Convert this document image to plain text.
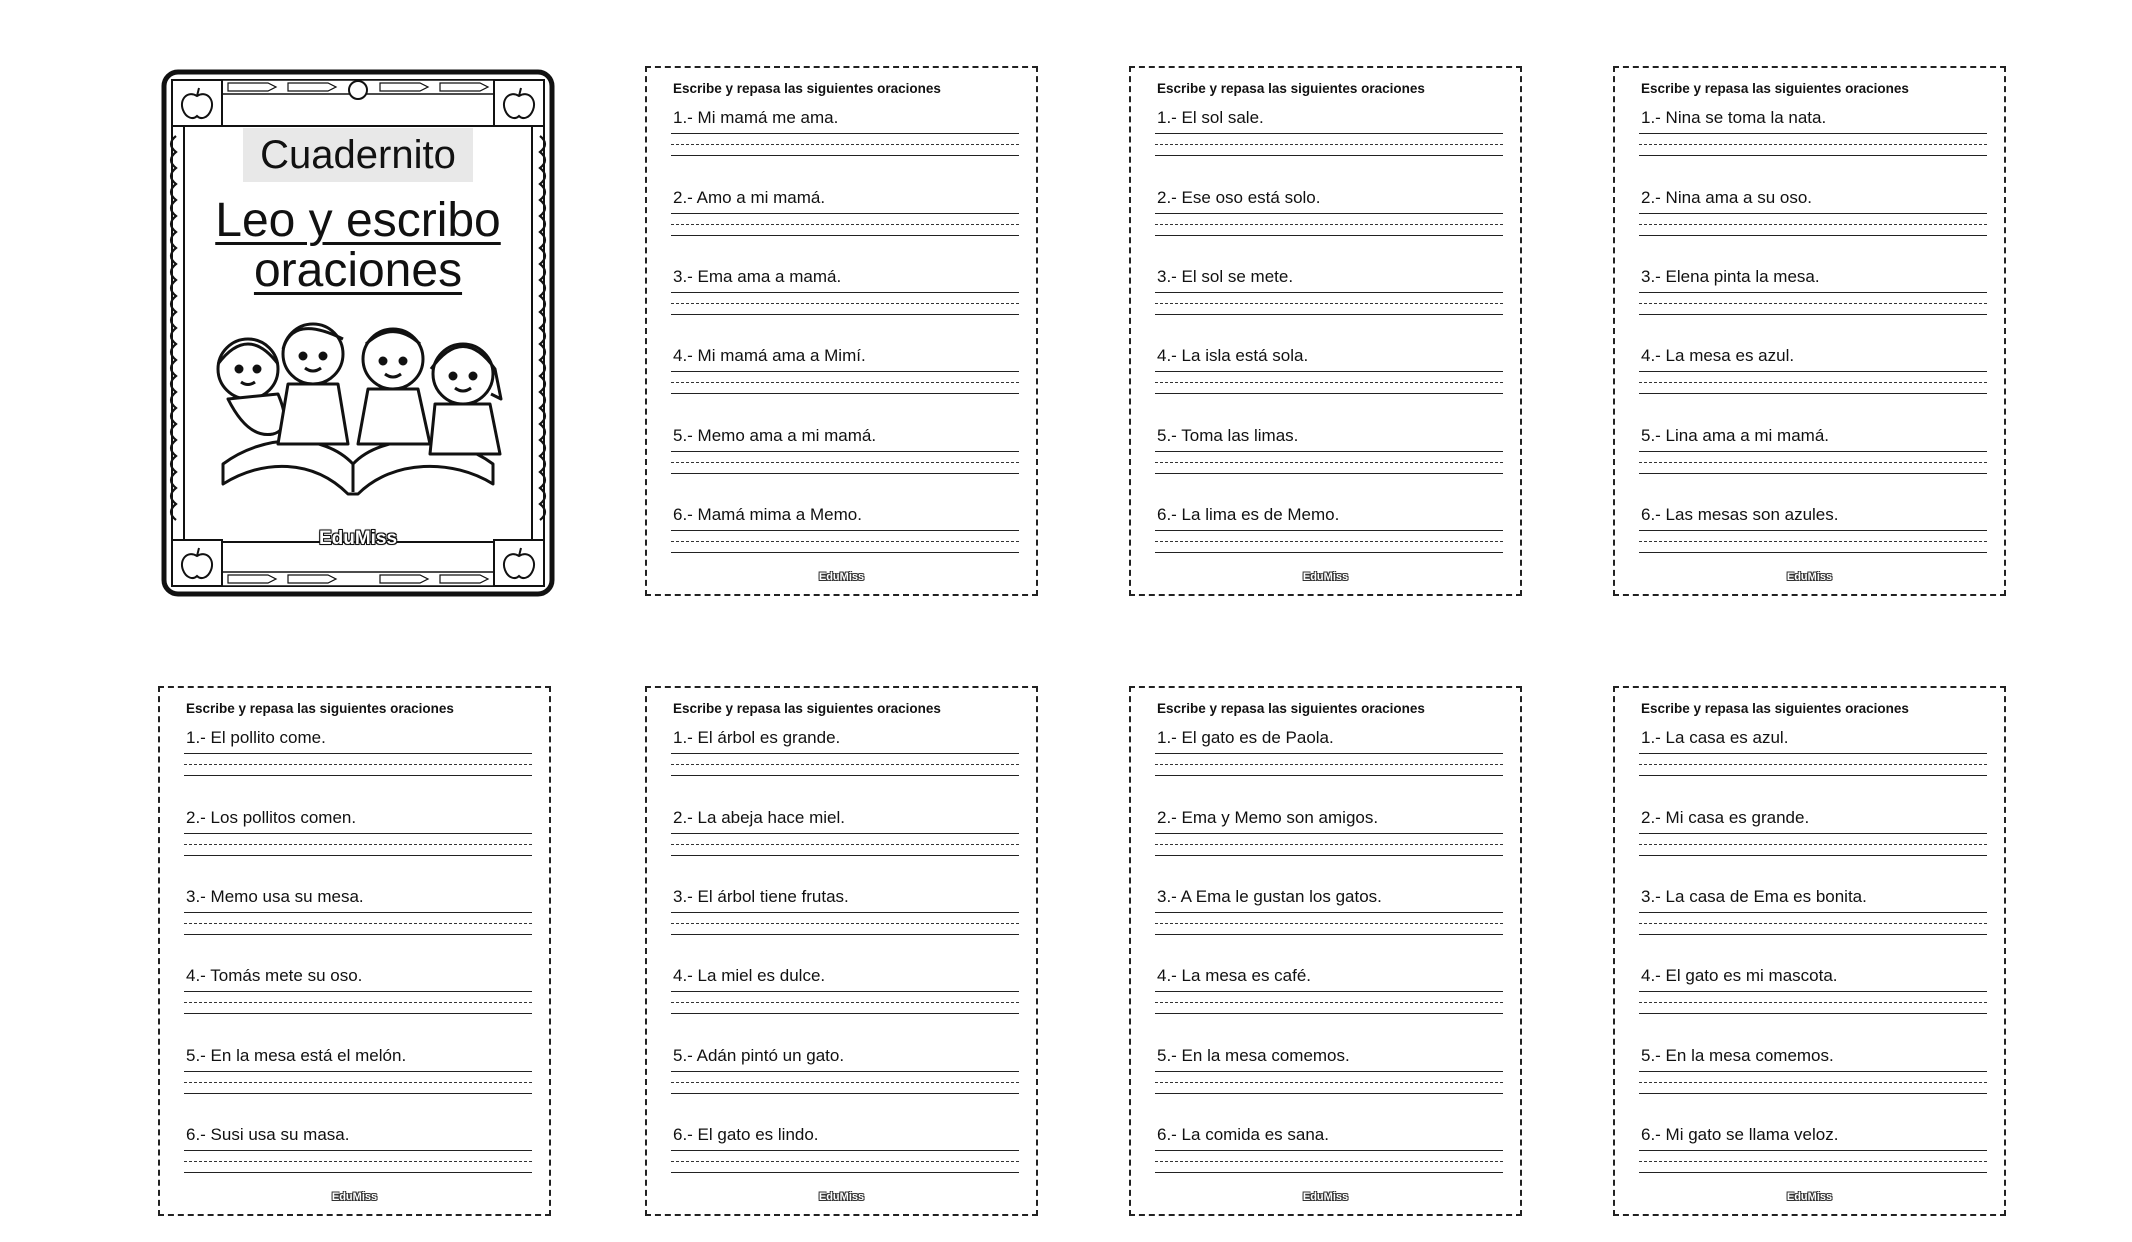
Cuadernito
Leo y escribo
oraciones
EduMiss
Escribe y repasa las siguientes oraciones
1.- Mi mamá me ama.
2.- Amo a mi mamá.
3.- Ema ama a mamá.
4.- Mi mamá ama a Mimí.
5.- Memo ama a mi mamá.
6.- Mamá mima a Memo.
EduMiss
Escribe y repasa las siguientes oraciones
1.- El sol sale.
2.- Ese oso está solo.
3.- El sol se mete.
4.- La isla está sola.
5.- Toma las limas.
6.- La lima es de Memo.
EduMiss
Escribe y repasa las siguientes oraciones
1.- Nina se toma la nata.
2.- Nina ama a su oso.
3.- Elena pinta la mesa.
4.- La mesa es azul.
5.- Lina ama a mi mamá.
6.- Las mesas son azules.
EduMiss
Escribe y repasa las siguientes oraciones
1.- El pollito come.
2.- Los pollitos comen.
3.- Memo usa su mesa.
4.- Tomás mete su oso.
5.- En la mesa está el melón.
6.- Susi usa su masa.
EduMiss
Escribe y repasa las siguientes oraciones
1.- El árbol es grande.
2.- La abeja hace miel.
3.- El árbol tiene frutas.
4.- La miel es dulce.
5.- Adán pintó un gato.
6.- El gato es lindo.
EduMiss
Escribe y repasa las siguientes oraciones
1.- El gato es de Paola.
2.- Ema y Memo son amigos.
3.- A Ema le gustan los gatos.
4.- La mesa es café.
5.- En la mesa comemos.
6.- La comida es sana.
EduMiss
Escribe y repasa las siguientes oraciones
1.- La casa es azul.
2.- Mi casa es grande.
3.- La casa de Ema es bonita.
4.- El gato es mi mascota.
5.- En la mesa comemos.
6.- Mi gato se llama veloz.
EduMiss
